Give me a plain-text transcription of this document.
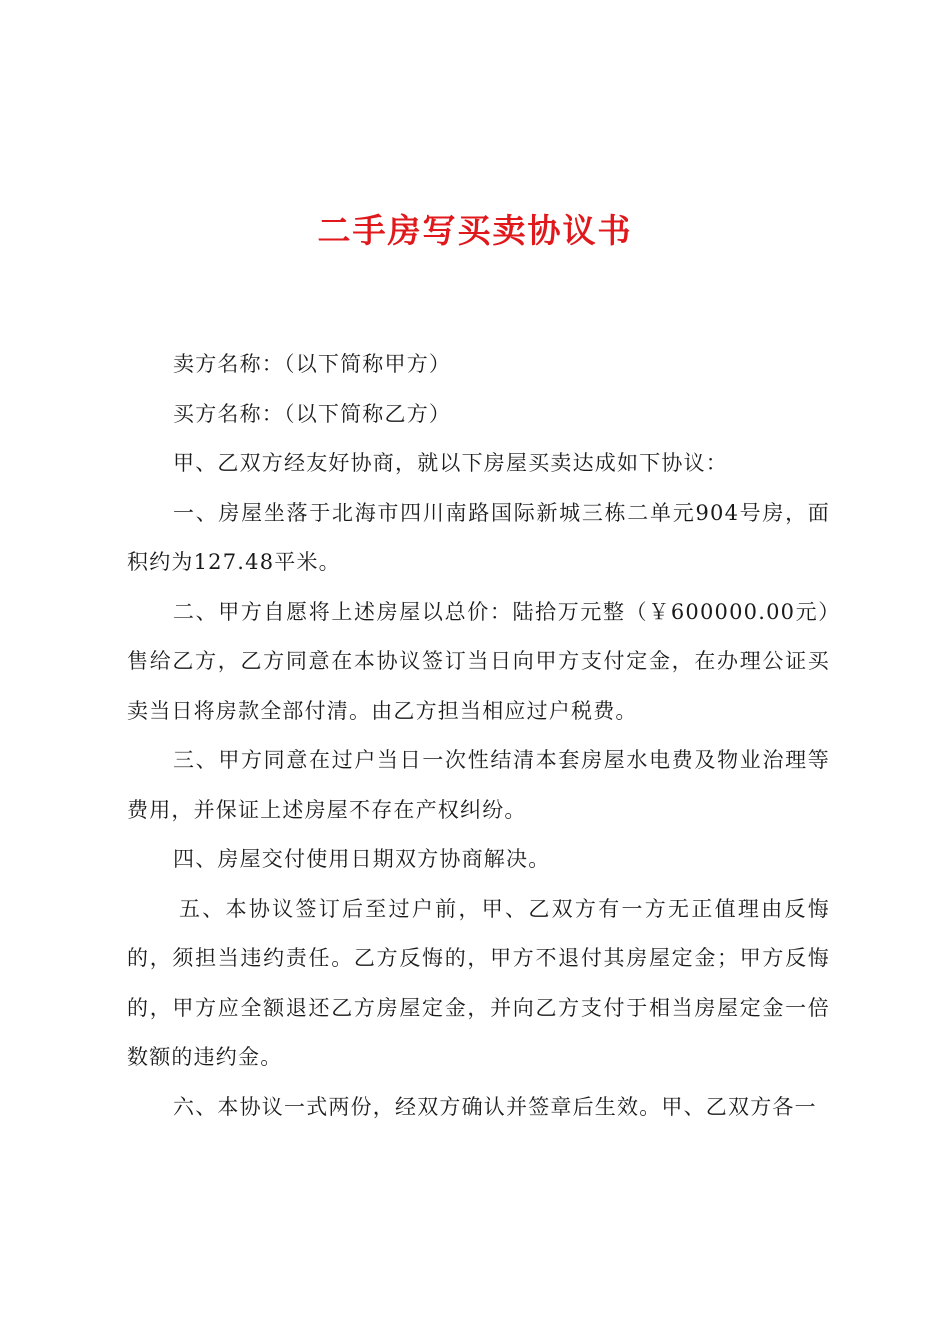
二手房写买卖协议书

卖方名称：（以下简称甲方）

买方名称：（以下简称乙方）

甲、乙双方经友好协商，就以下房屋买卖达成如下协议：

一、房屋坐落于北海市四川南路国际新城三栋二单元904号房，面积约为127.48平米。

二、甲方自愿将上述房屋以总价：陆拾万元整（￥600000.00元）售给乙方，乙方同意在本协议签订当日向甲方支付定金，在办理公证买卖当日将房款全部付清。由乙方担当相应过户税费。

三、甲方同意在过户当日一次性结清本套房屋水电费及物业治理等费用，并保证上述房屋不存在产权纠纷。

四、房屋交付使用日期双方协商解决。

五、本协议签订后至过户前，甲、乙双方有一方无正值理由反悔的，须担当违约责任。乙方反悔的，甲方不退付其房屋定金；甲方反悔的，甲方应全额退还乙方房屋定金，并向乙方支付于相当房屋定金一倍数额的违约金。

六、本协议一式两份，经双方确认并签章后生效。甲、乙双方各一
